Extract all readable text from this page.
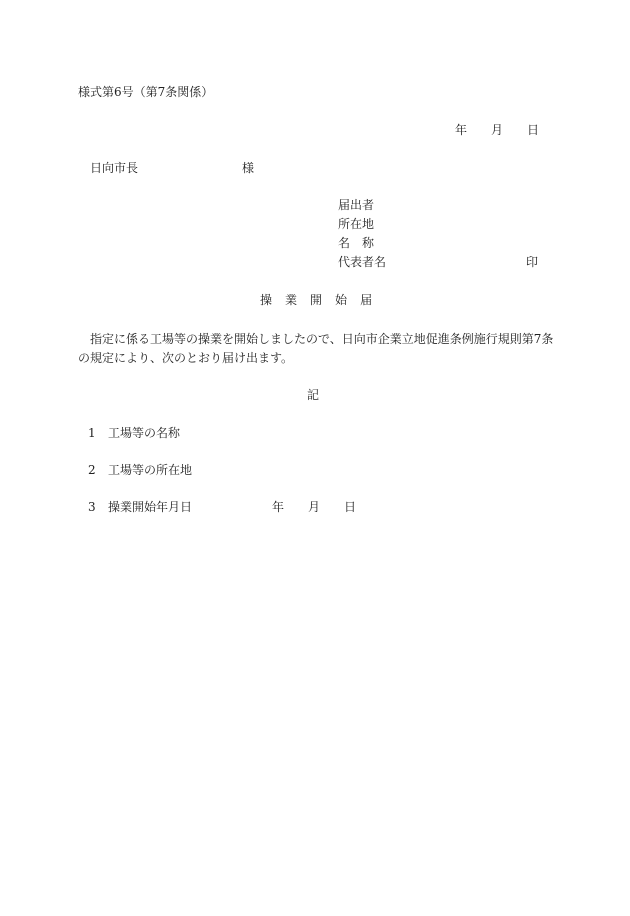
様式第6号（第7条関係）
年 月 日
日向市長	様
届出者
所在地
名　称
代表者名	印
操 業 開 始 届
指定に係る工場等の操業を開始しましたので、日向市企業立地促進条例施行規則第7条の規定により、次のとおり届け出ます。
記
1 工場等の名称
2 工場等の所在地
3 操業開始年月日	年 月 日
